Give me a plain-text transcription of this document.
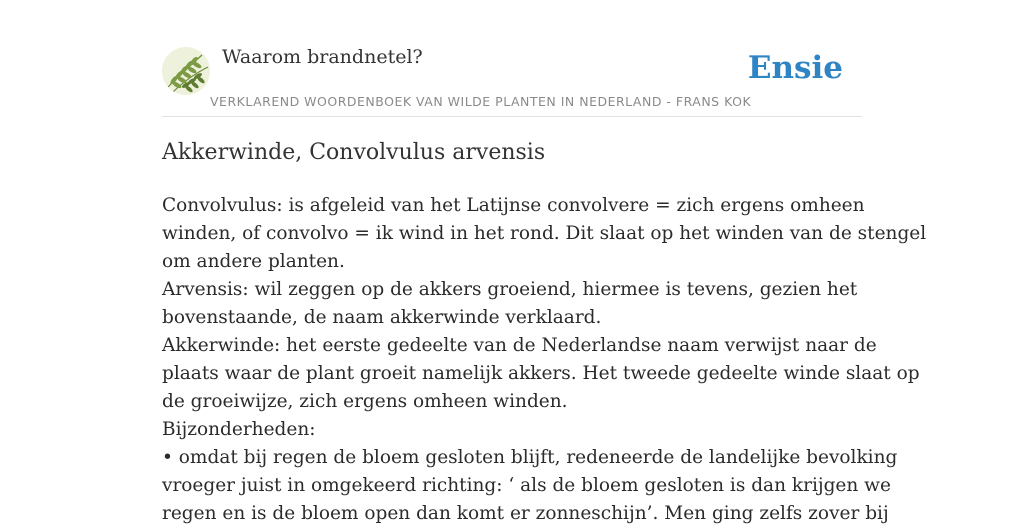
Waarom brandnetel?
VERKLAREND WOORDENBOEK VAN WILDE PLANTEN IN NEDERLAND - FRANS KOK
Ensie
Akkerwinde, Convolvulus arvensis

Convolvulus: is afgeleid van het Latijnse convolvere = zich ergens omheen

winden, of convolvo = ik wind in het rond. Dit slaat op het winden van de stengel

om andere planten.

Arvensis: wil zeggen op de akkers groeiend, hiermee is tevens, gezien het

bovenstaande, de naam akkerwinde verklaard.

Akkerwinde: het eerste gedeelte van de Nederlandse naam verwijst naar de

plaats waar de plant groeit namelijk akkers. Het tweede gedeelte winde slaat op

de groeiwijze, zich ergens omheen winden.

Bijzonderheden:

• omdat bij regen de bloem gesloten blijft, redeneerde de landelijke bevolking

vroeger juist in omgekeerd richting: ‘ als de bloem gesloten is dan krijgen we

regen en is de bloem open dan komt er zonneschijn’. Men ging zelfs zover bij
